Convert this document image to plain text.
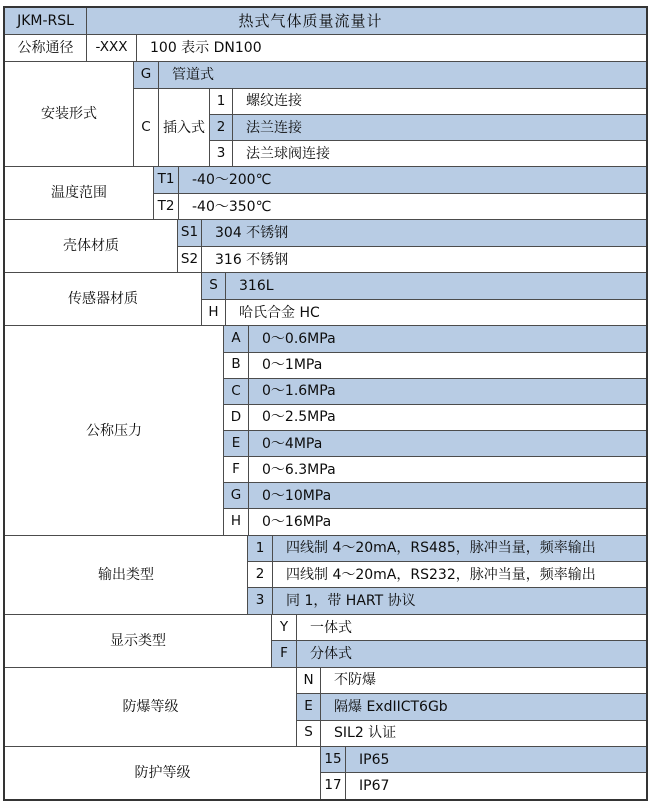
JKM-RSL	热式气体质量流量计
公称通径	-XXX	100 表示 DN100
安装形式
G	管道式
C 插入式
1	螺纹连接
2	法兰连接
3	法兰球阀连接
温度范围
T1	-40～200℃
T2	-40～350℃
壳体材质
S1	304 不锈钢
S2	316 不锈钢
传感器材质
S	316L
H	哈氏合金 HC
公称压力
A	0～0.6MPa
B	0～1MPa
C	0～1.6MPa
D	0～2.5MPa
E	0～4MPa
F	0～6.3MPa
G	0～10MPa
H	0～16MPa
输出类型
1	四线制 4～20mA，RS485，脉冲当量，频率输出
2	四线制 4～20mA，RS232，脉冲当量，频率输出
3	同 1，带 HART 协议
显示类型
Y	一体式
F	分体式
防爆等级
N	不防爆
E	隔爆 ExdIICT6Gb
S	SIL2 认证
防护等级
15	IP65
17	IP67
